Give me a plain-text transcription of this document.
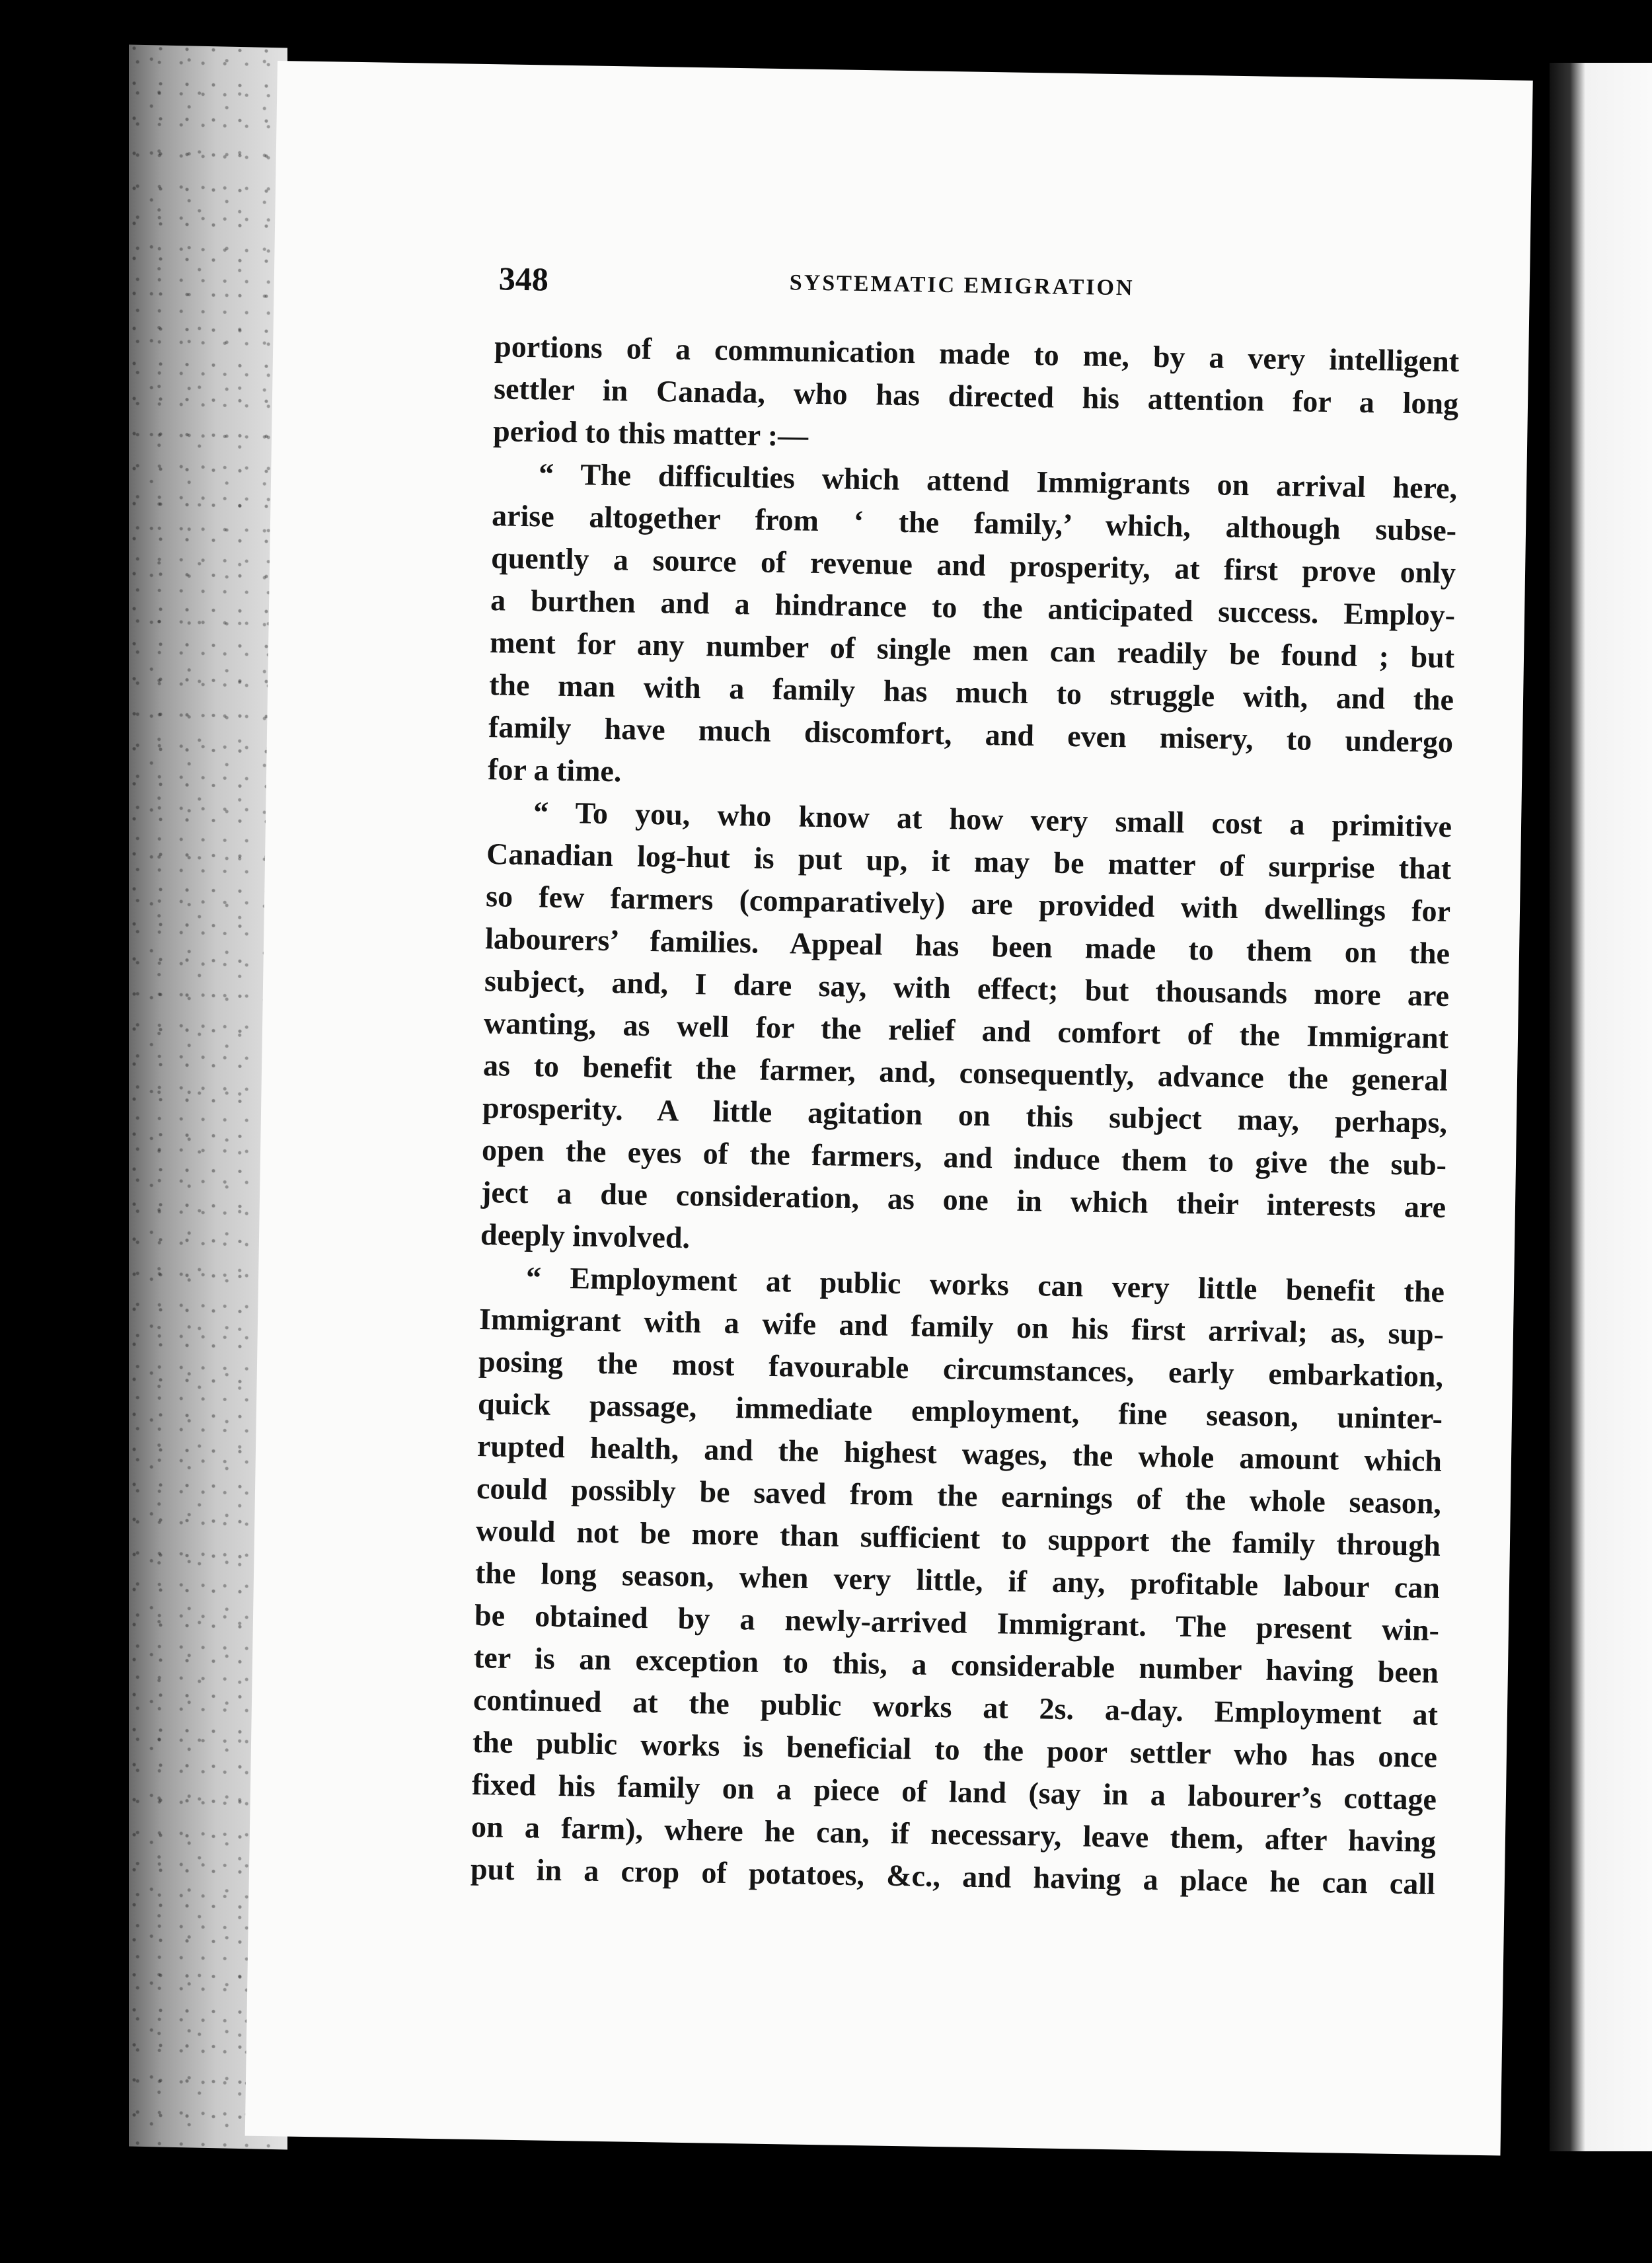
348	SYSTEMATIC EMIGRATION
portions of a communication made to me, by a very intelligent
settler in Canada, who has directed his attention for a long
period to this matter :—
“ The difficulties which attend Immigrants on arrival here,
arise altogether from ‘ the family,’ which, although subse-
quently a source of revenue and prosperity, at first prove only
a burthen and a hindrance to the anticipated success. Employ-
ment for any number of single men can readily be found ; but
the man with a family has much to struggle with, and the
family have much discomfort, and even misery, to undergo
for a time.
“ To you, who know at how very small cost a primitive
Canadian log-hut is put up, it may be matter of surprise that
so few farmers (comparatively) are provided with dwellings for
labourers’ families. Appeal has been made to them on the
subject, and, I dare say, with effect; but thousands more are
wanting, as well for the relief and comfort of the Immigrant
as to benefit the farmer, and, consequently, advance the general
prosperity. A little agitation on this subject may, perhaps,
open the eyes of the farmers, and induce them to give the sub-
ject a due consideration, as one in which their interests are
deeply involved.
“ Employment at public works can very little benefit the
Immigrant with a wife and family on his first arrival; as, sup-
posing the most favourable circumstances, early embarkation,
quick passage, immediate employment, fine season, uninter-
rupted health, and the highest wages, the whole amount which
could possibly be saved from the earnings of the whole season,
would not be more than sufficient to support the family through
the long season, when very little, if any, profitable labour can
be obtained by a newly-arrived Immigrant. The present win-
ter is an exception to this, a considerable number having been
continued at the public works at 2s. a-day. Employment at
the public works is beneficial to the poor settler who has once
fixed his family on a piece of land (say in a labourer’s cottage
on a farm), where he can, if necessary, leave them, after having
put in a crop of potatoes, &c., and having a place he can call
